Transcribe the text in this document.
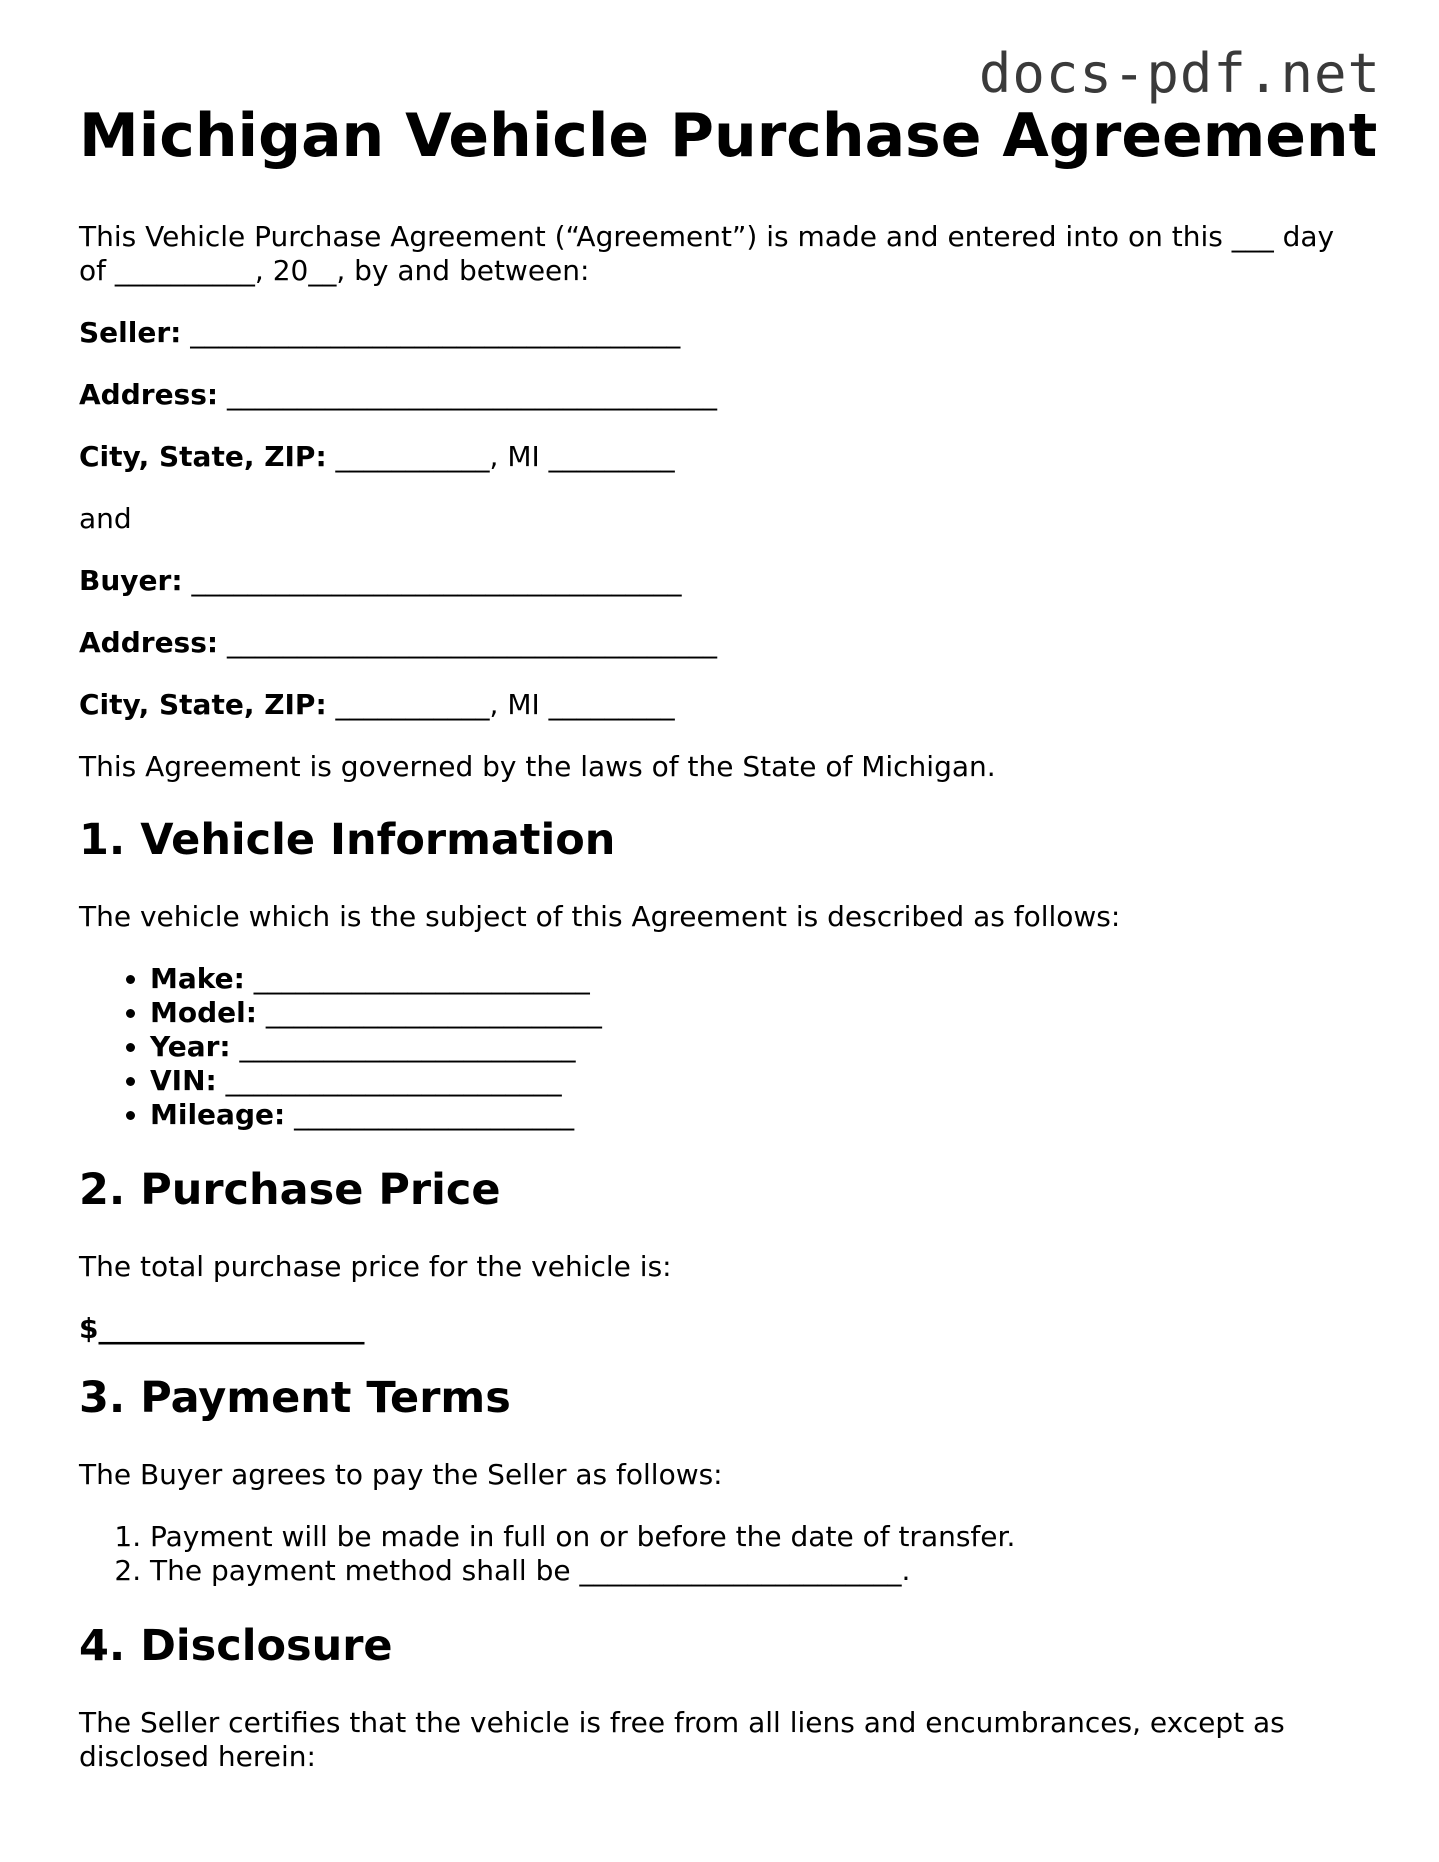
docs-pdf.net
Michigan Vehicle Purchase Agreement

This Vehicle Purchase Agreement (“Agreement”) is made and entered into on this ___ day of __________, 20__, by and between:

Seller: ___________________________________
Address: ___________________________________
City, State, ZIP: ___________, MI _________

and

Buyer: ___________________________________
Address: ___________________________________
City, State, ZIP: ___________, MI _________

This Agreement is governed by the laws of the State of Michigan.

1. Vehicle Information

The vehicle which is the subject of this Agreement is described as follows:

• Make: ________________________
• Model: ________________________
• Year: ________________________
• VIN: ________________________
• Mileage: ____________________
2. Purchase Price

The total purchase price for the vehicle is:

$___________________
3. Payment Terms

The Buyer agrees to pay the Seller as follows:

1. Payment will be made in full on or before the date of transfer.
2. The payment method shall be _______________________.
4. Disclosure

The Seller certifies that the vehicle is free from all liens and encumbrances, except as disclosed herein:
